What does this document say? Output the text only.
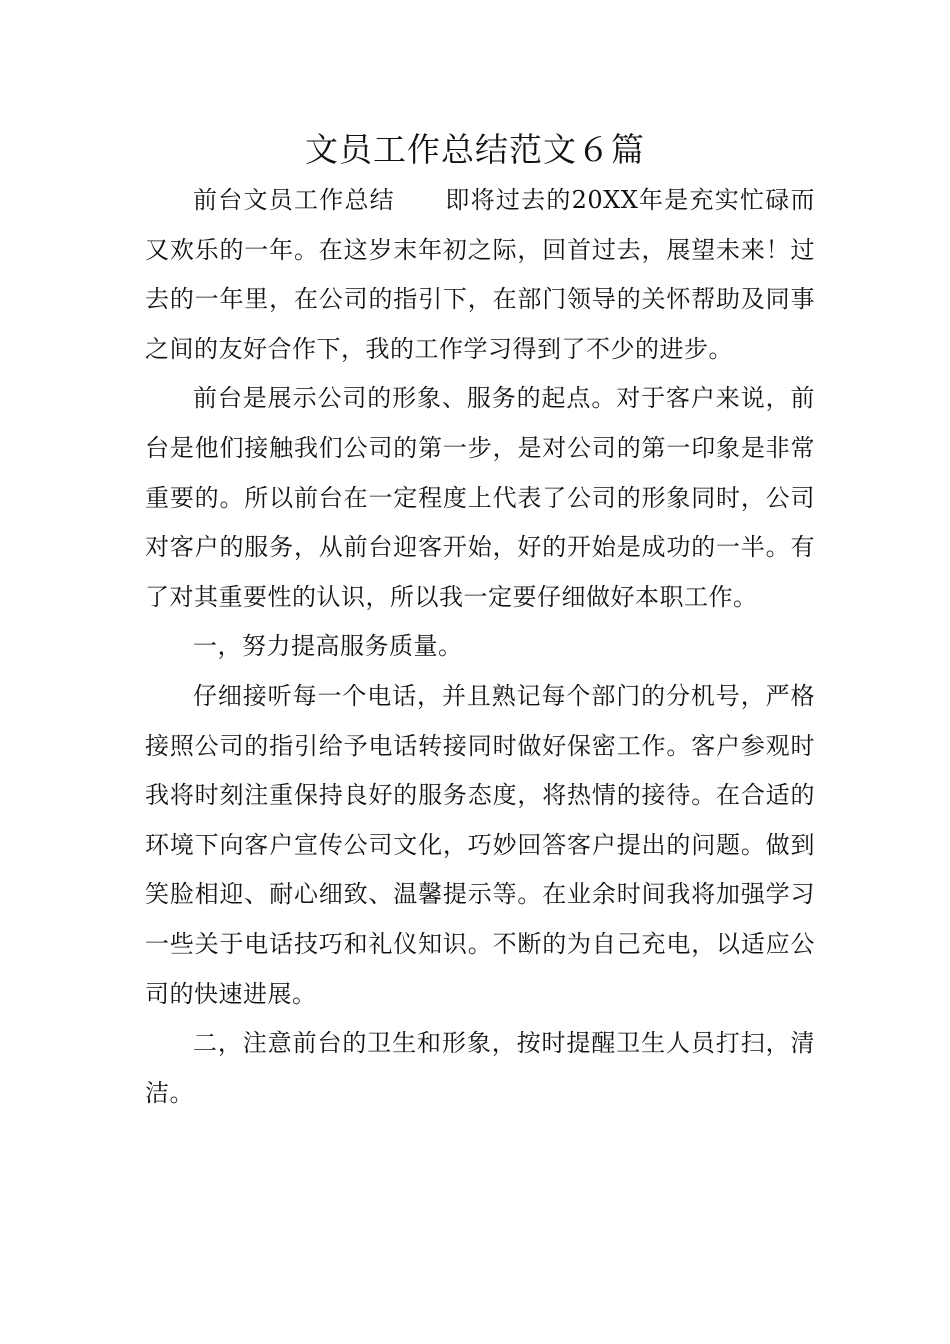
文员工作总结范文６篇

前台文员工作总结　　即将过去的20XX年是充实忙碌而又欢乐的一年。在这岁末年初之际，回首过去，展望未来！过去的一年里，在公司的指引下，在部门领导的关怀帮助及同事之间的友好合作下，我的工作学习得到了不少的进步。

前台是展示公司的形象、服务的起点。对于客户来说，前台是他们接触我们公司的第一步，是对公司的第一印象是非常重要的。所以前台在一定程度上代表了公司的形象同时，公司对客户的服务，从前台迎客开始，好的开始是成功的一半。有了对其重要性的认识，所以我一定要仔细做好本职工作。

一，努力提高服务质量。

仔细接听每一个电话，并且熟记每个部门的分机号，严格接照公司的指引给予电话转接同时做好保密工作。客户参观时我将时刻注重保持良好的服务态度，将热情的接待。在合适的环境下向客户宣传公司文化，巧妙回答客户提出的问题。做到笑脸相迎、耐心细致、温馨提示等。在业余时间我将加强学习一些关于电话技巧和礼仪知识。不断的为自己充电，以适应公司的快速进展。

二，注意前台的卫生和形象，按时提醒卫生人员打扫，清洁。
